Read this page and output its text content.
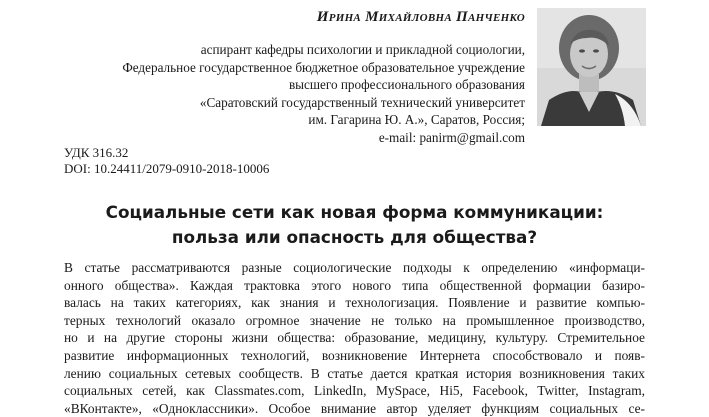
Ирина Михайловна Панченко
аспирант кафедры психологии и прикладной социологии,
Федеральное государственное бюджетное образовательное учреждение
высшего профессионального образования
«Саратовский государственный технический университет
им. Гагарина Ю. А.», Саратов, Россия;
e-mail: panirm@gmail.com
УДК 316.32
DOI: 10.24411/2079-0910-2018-10006
Социальные сети как новая форма коммуникации:
польза или опасность для общества?
В статье рассматриваются разные социологические подходы к определению «информаци-
онного общества». Каждая трактовка этого нового типа общественной формации базиро-
валась на таких категориях, как знания и технологизация. Появление и развитие компью-
терных технологий оказало огромное значение не только на промышленное производство,
но и на другие стороны жизни общества: образование, медицину, культуру. Стремительное
развитие информационных технологий, возникновение Интернета способствовало и появ-
лению социальных сетевых сообществ. В статье дается краткая история возникновения таких
социальных сетей, как Classmates.com, LinkedIn, MySpace, Hi5, Facebook, Twitter, Instagram,
«ВКонтакте», «Одноклассники». Особое внимание автор уделяет функциям социальных се-
